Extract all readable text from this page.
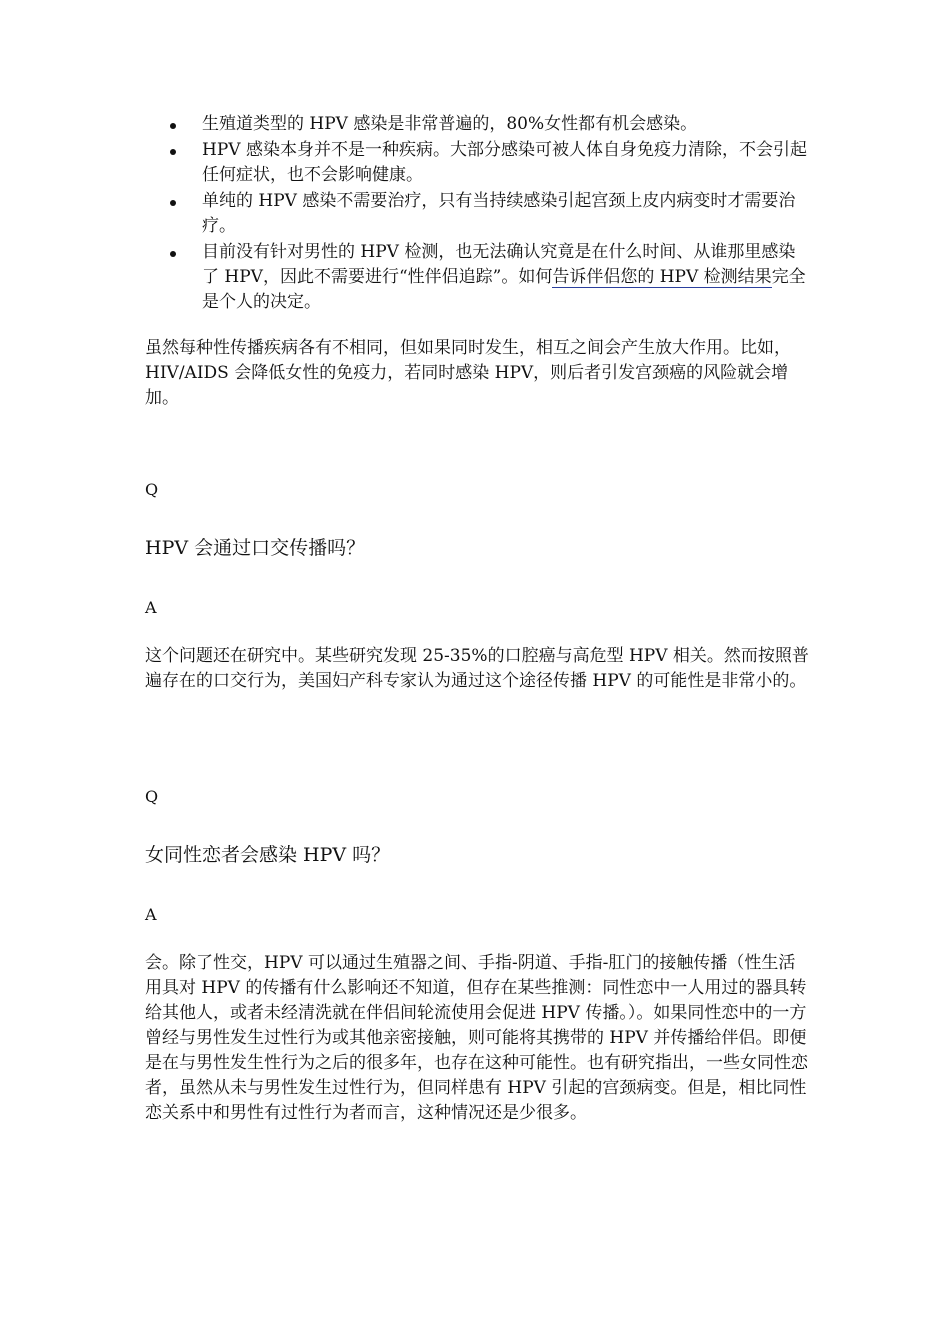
生殖道类型的 HPV 感染是非常普遍的，80%女性都有机会感染。
HPV 感染本身并不是一种疾病。大部分感染可被人体自身免疫力清除，不会引起任何症状，也不会影响健康。
单纯的 HPV 感染不需要治疗，只有当持续感染引起宫颈上皮内病变时才需要治疗。
目前没有针对男性的 HPV 检测，也无法确认究竟是在什么时间、从谁那里感染了 HPV，因此不需要进行“性伴侣追踪”。如何告诉伴侣您的 HPV 检测结果完全是个人的决定。

虽然每种性传播疾病各有不相同，但如果同时发生，相互之间会产生放大作用。比如，HIV/AIDS 会降低女性的免疫力，若同时感染 HPV，则后者引发宫颈癌的风险就会增加。

Q

HPV 会通过口交传播吗？

A

这个问题还在研究中。某些研究发现 25-35%的口腔癌与高危型 HPV 相关。然而按照普遍存在的口交行为，美国妇产科专家认为通过这个途径传播 HPV 的可能性是非常小的。

Q

女同性恋者会感染 HPV 吗？

A

会。除了性交，HPV 可以通过生殖器之间、手指-阴道、手指-肛门的接触传播（性生活用具对 HPV 的传播有什么影响还不知道，但存在某些推测：同性恋中一人用过的器具转给其他人，或者未经清洗就在伴侣间轮流使用会促进 HPV 传播。）。如果同性恋中的一方曾经与男性发生过性行为或其他亲密接触，则可能将其携带的 HPV 并传播给伴侣。即便是在与男性发生性行为之后的很多年，也存在这种可能性。也有研究指出，一些女同性恋者，虽然从未与男性发生过性行为，但同样患有 HPV 引起的宫颈病变。但是，相比同性恋关系中和男性有过性行为者而言，这种情况还是少很多。
